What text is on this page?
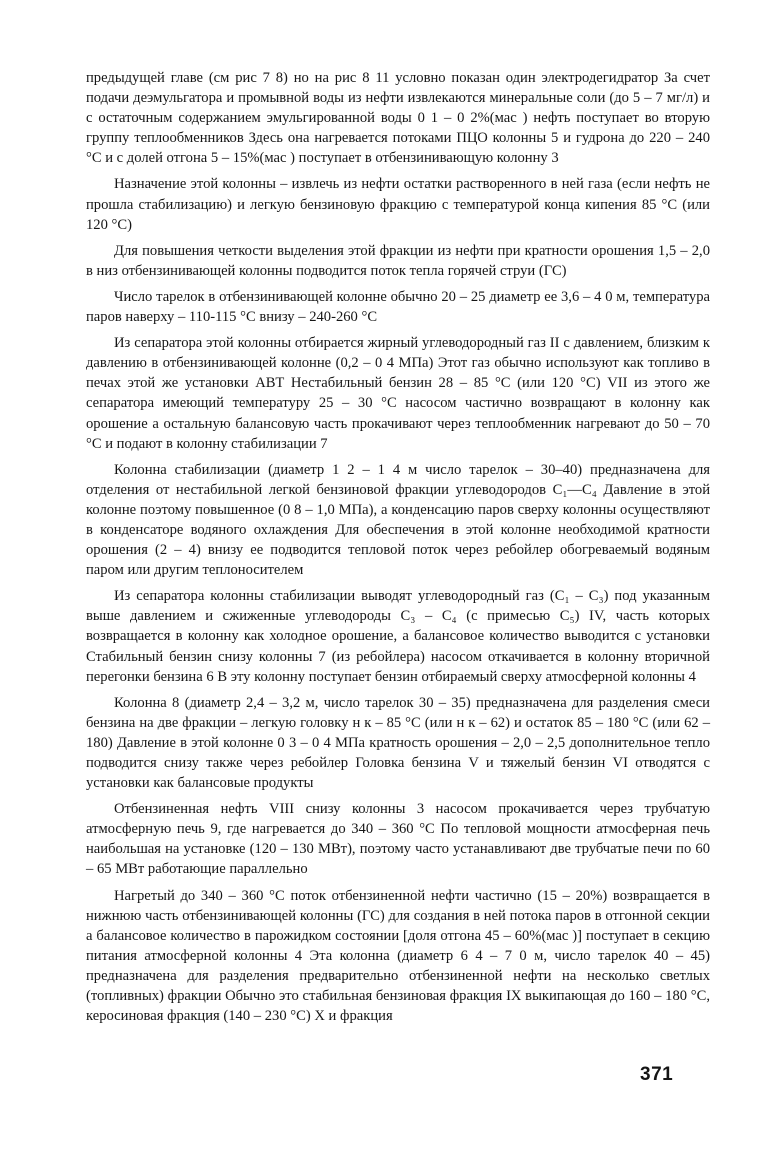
предыдущей главе (см рис 7 8) но на рис 8 11 условно показан один электродегидратор За счет подачи деэмульгатора и промывной воды из нефти извлекаются минеральные соли (до 5 – 7 мг/л) и с остаточным содержанием эмульгированной воды 0 1 – 0 2%(мас ) нефть поступает во вторую группу теплообменников Здесь она нагревается потоками ПЦО колонны 5 и гудрона до 220 – 240 °С и с долей отгона 5 – 15%(мас ) поступает в отбензинивающую колонну 3

Назначение этой колонны – извлечь из нефти остатки растворенного в ней газа (если нефть не прошла стабилизацию) и легкую бензиновую фракцию с температурой конца кипения 85 °С (или 120 °С)

Для повышения четкости выделения этой фракции из нефти при кратности орошения 1,5 – 2,0 в низ отбензинивающей колонны подводится поток тепла горячей струи (ГС)

Число тарелок в отбензинивающей колонне обычно 20 – 25 диаметр ее 3,6 – 4 0 м, температура паров наверху – 110-115 °С внизу – 240-260 °С

Из сепаратора этой колонны отбирается жирный углеводородный газ II с давлением, близким к давлению в отбензинивающей колонне (0,2 – 0 4 МПа) Этот газ обычно используют как топливо в печах этой же установки АВТ Нестабильный бензин 28 – 85 °С (или 120 °С) VII из этого же сепаратора имеющий температуру 25 – 30 °С насосом частично возвращают в колонну как орошение а остальную балансовую часть прокачивают через теплообменник нагревают до 50 – 70 °С и подают в колонну стабилизации 7

Колонна стабилизации (диаметр 1 2 – 1 4 м число тарелок – 30–40) предназначена для отделения от нестабильной легкой бензиновой фракции углеводородов C₁—C₄ Давление в этой колонне поэтому повышенное (0 8 – 1,0 МПа), а конденсацию паров сверху колонны осуществляют в конденсаторе водяного охлаждения Для обеспечения в этой колонне необходимой кратности орошения (2 – 4) внизу ее подводится тепловой поток через ребойлер обогреваемый водяным паром или другим теплоносителем

Из сепаратора колонны стабилизации выводят углеводородный газ (C₁ – C₃) под указанным выше давлением и сжиженные углеводороды C₃ – C₄ (с примесью C₅) IV, часть которых возвращается в колонну как холодное орошение, а балансовое количество выводится с установки Стабильный бензин снизу колонны 7 (из ребойлера) насосом откачивается в колонну вторичной перегонки бензина 6 В эту колонну поступает бензин отбираемый сверху атмосферной колонны 4

Колонна 8 (диаметр 2,4 – 3,2 м, число тарелок 30 – 35) предназначена для разделения смеси бензина на две фракции – легкую головку н к – 85 °С (или н к – 62) и остаток 85 – 180 °С (или 62 – 180) Давление в этой колонне 0 3 – 0 4 МПа кратность орошения – 2,0 – 2,5 дополнительное тепло подводится снизу также через ребойлер Головка бензина V и тяжелый бензин VI отводятся с установки как балансовые продукты

Отбензиненная нефть VIII снизу колонны 3 насосом прокачивается через трубчатую атмосферную печь 9, где нагревается до 340 – 360 °С По тепловой мощности атмосферная печь наибольшая на установке (120 – 130 МВт), поэтому часто устанавливают две трубчатые печи по 60 – 65 МВт работающие параллельно

Нагретый до 340 – 360 °С поток отбензиненной нефти частично (15 – 20%) возвращается в нижнюю часть отбензинивающей колонны (ГС) для создания в ней потока паров в отгонной секции а балансовое количество в парожидком состоянии [доля отгона 45 – 60%(мас )] поступает в секцию питания атмосферной колонны 4 Эта колонна (диаметр 6 4 – 7 0 м, число тарелок 40 – 45) предназначена для разделения предварительно отбензиненной нефти на несколько светлых (топливных) фракции Обычно это стабильная бензиновая фракция IX выкипающая до 160 – 180 °С, керосиновая фракция (140 – 230 °С) X и фракция

371
